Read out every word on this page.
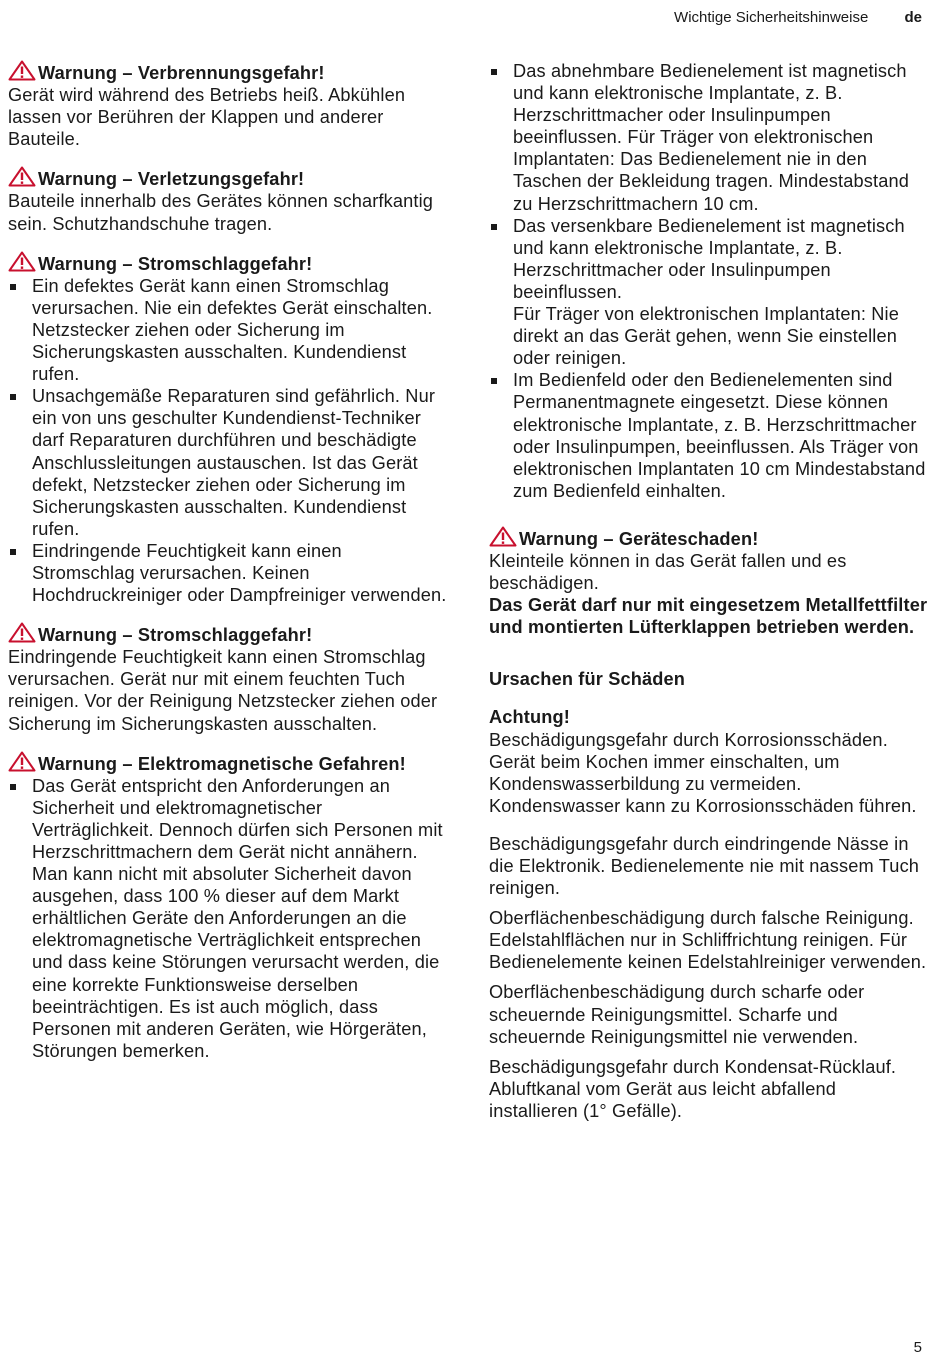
Wichtige Sicherheitshinweise de

Warnung – Verbrennungsgefahr!

Gerät wird während des Betriebs heiß. Abkühlen lassen vor Berühren der Klappen und anderer Bauteile.

Warnung – Verletzungsgefahr!

Bauteile innerhalb des Gerätes können scharfkantig sein. Schutzhandschuhe tragen.

Warnung – Stromschlaggefahr!

Ein defektes Gerät kann einen Stromschlag verursachen. Nie ein defektes Gerät einschalten. Netzstecker ziehen oder Sicherung im Sicherungskasten ausschalten. Kundendienst rufen.
Unsachgemäße Reparaturen sind gefährlich. Nur ein von uns geschulter Kundendienst-Techniker darf Reparaturen durchführen und beschädigte Anschlussleitungen austauschen. Ist das Gerät defekt, Netzstecker ziehen oder Sicherung im Sicherungskasten ausschalten. Kundendienst rufen.
Eindringende Feuchtigkeit kann einen Stromschlag verursachen. Keinen Hochdruckreiniger oder Dampfreiniger verwenden.

Warnung – Stromschlaggefahr!

Eindringende Feuchtigkeit kann einen Stromschlag verursachen. Gerät nur mit einem feuchten Tuch reinigen. Vor der Reinigung Netzstecker ziehen oder Sicherung im Sicherungskasten ausschalten.

Warnung – Elektromagnetische Gefahren!

Das Gerät entspricht den Anforderungen an Sicherheit und elektromagnetischer Verträglichkeit. Dennoch dürfen sich Personen mit Herzschrittmachern dem Gerät nicht annähern. Man kann nicht mit absoluter Sicherheit davon ausgehen, dass 100 % dieser auf dem Markt erhältlichen Geräte den Anforderungen an die elektromagnetische Verträglichkeit entsprechen und dass keine Störungen verursacht werden, die eine korrekte Funktionsweise derselben beeinträchtigen. Es ist auch möglich, dass Personen mit anderen Geräten, wie Hörgeräten, Störungen bemerken.
Das abnehmbare Bedienelement ist magnetisch und kann elektronische Implantate, z. B. Herzschrittmacher oder Insulinpumpen beeinflussen. Für Träger von elektronischen Implantaten: Das Bedienelement nie in den Taschen der Bekleidung tragen. Mindestabstand zu Herzschrittmachern 10 cm.
Das versenkbare Bedienelement ist magnetisch und kann elektronische Implantate, z. B. Herzschrittmacher oder Insulinpumpen beeinflussen.
Für Träger von elektronischen Implantaten: Nie direkt an das Gerät gehen, wenn Sie einstellen oder reinigen.
Im Bedienfeld oder den Bedienelementen sind Permanentmagnete eingesetzt. Diese können elektronische Implantate, z. B. Herzschrittmacher oder Insulinpumpen, beeinflussen. Als Träger von elektronischen Implantaten 10 cm Mindestabstand zum Bedienfeld einhalten.

Warnung – Geräteschaden!

Kleinteile können in das Gerät fallen und es beschädigen.

Das Gerät darf nur mit eingesetzem Metallfettfilter und montierten Lüfterklappen betrieben werden.

Ursachen für Schäden

Achtung!

Beschädigungsgefahr durch Korrosionsschäden. Gerät beim Kochen immer einschalten, um Kondenswasserbildung zu vermeiden. Kondenswasser kann zu Korrosionsschäden führen.

Beschädigungsgefahr durch eindringende Nässe in die Elektronik. Bedienelemente nie mit nassem Tuch reinigen.

Oberflächenbeschädigung durch falsche Reinigung. Edelstahlflächen nur in Schliffrichtung reinigen. Für Bedienelemente keinen Edelstahlreiniger verwenden.

Oberflächenbeschädigung durch scharfe oder scheuernde Reinigungsmittel. Scharfe und scheuernde Reinigungsmittel nie verwenden.

Beschädigungsgefahr durch Kondensat-Rücklauf. Abluftkanal vom Gerät aus leicht abfallend installieren (1° Gefälle).

5
